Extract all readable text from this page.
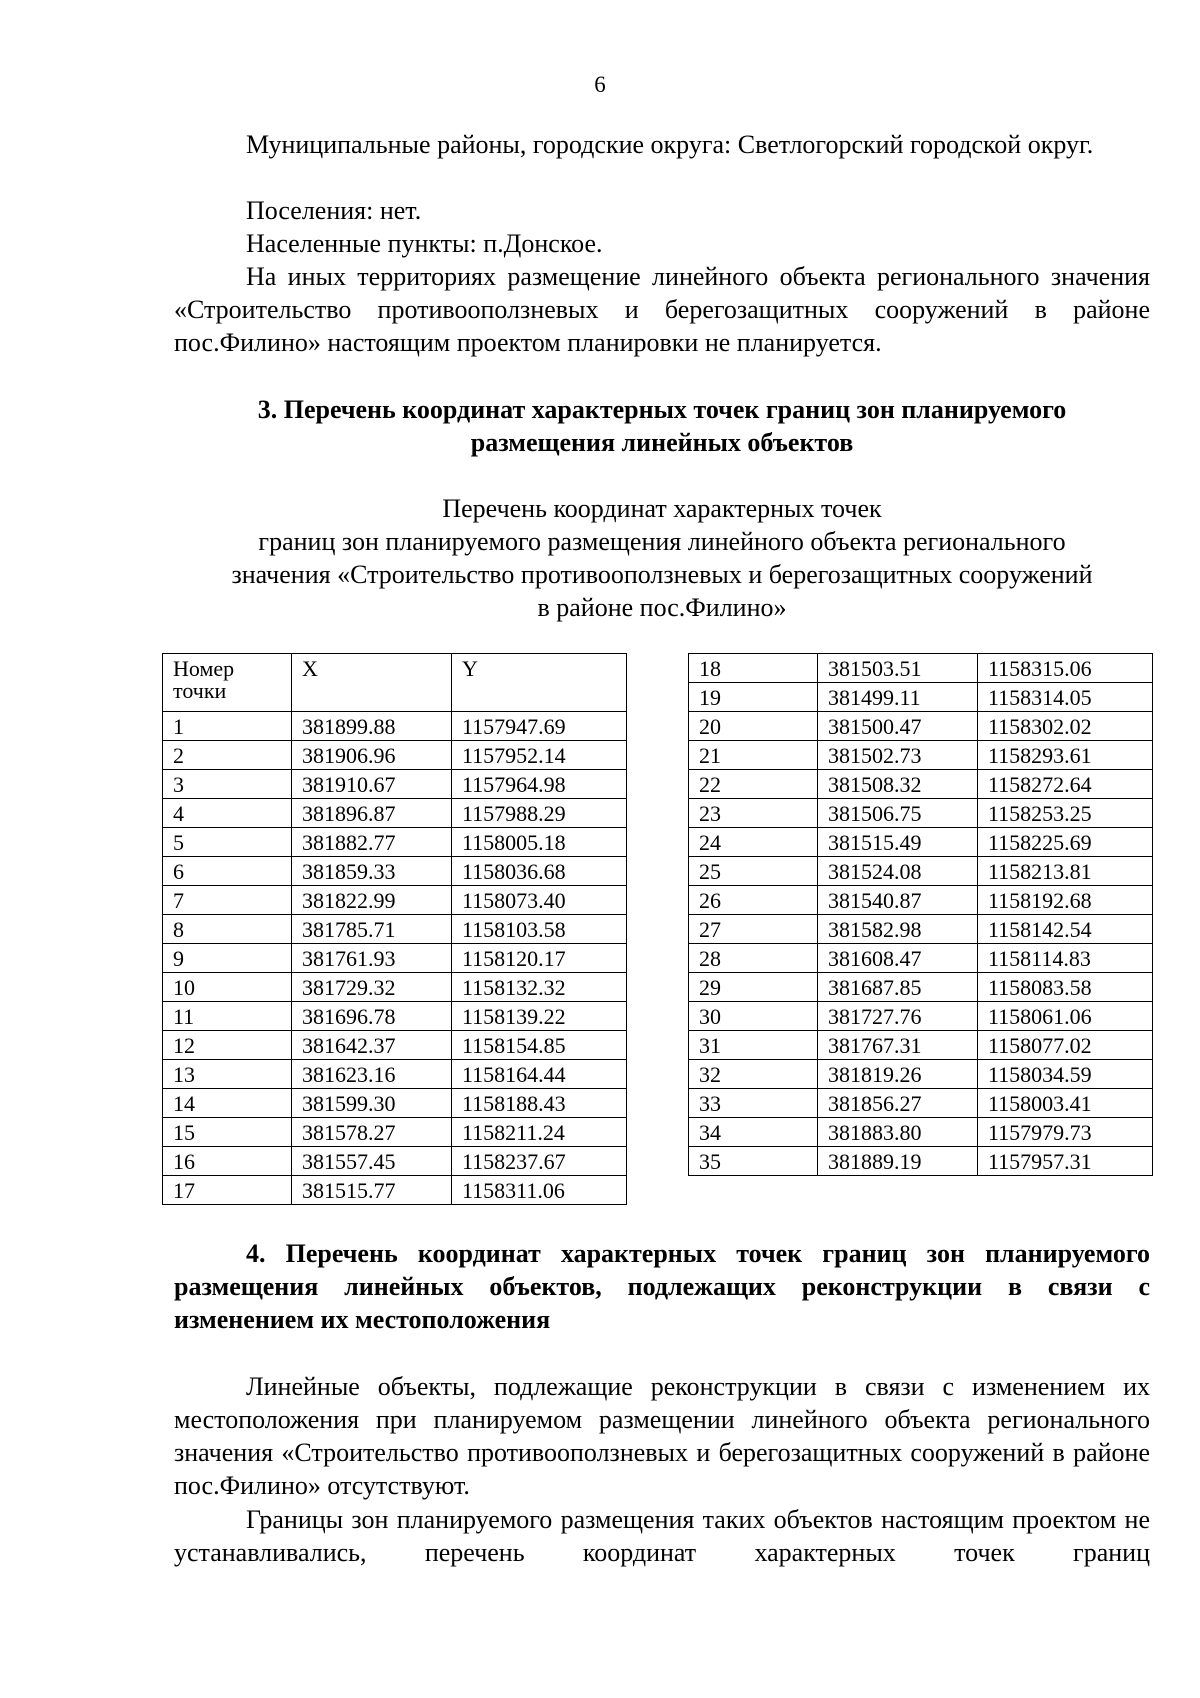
6

Муниципальные районы, городские округа: Светлогорский городской округ.

Поселения: нет.

Населенные пункты: п.Донское.

На иных территориях размещение линейного объекта регионального значения «Строительство противооползневых и берегозащитных сооружений в районе пос.Филино» настоящим проектом планировки не планируется.

3. Перечень координат характерных точек границ зон планируемого
размещения линейных объектов
Перечень координат характерных точек
границ зон планируемого размещения линейного объекта регионального
значения «Строительство противооползневых и берегозащитных сооружений
в районе пос.Филино»
Номер точки	X	Y
1	381899.88	1157947.69
2	381906.96	1157952.14
3	381910.67	1157964.98
4	381896.87	1157988.29
5	381882.77	1158005.18
6	381859.33	1158036.68
7	381822.99	1158073.40
8	381785.71	1158103.58
9	381761.93	1158120.17
10	381729.32	1158132.32
11	381696.78	1158139.22
12	381642.37	1158154.85
13	381623.16	1158164.44
14	381599.30	1158188.43
15	381578.27	1158211.24
16	381557.45	1158237.67
17	381515.77	1158311.06
18	381503.51	1158315.06
19	381499.11	1158314.05
20	381500.47	1158302.02
21	381502.73	1158293.61
22	381508.32	1158272.64
23	381506.75	1158253.25
24	381515.49	1158225.69
25	381524.08	1158213.81
26	381540.87	1158192.68
27	381582.98	1158142.54
28	381608.47	1158114.83
29	381687.85	1158083.58
30	381727.76	1158061.06
31	381767.31	1158077.02
32	381819.26	1158034.59
33	381856.27	1158003.41
34	381883.80	1157979.73
35	381889.19	1157957.31
4. Перечень координат характерных точек границ зон планируемого размещения линейных объектов, подлежащих реконструкции в связи с изменением их местоположения

Линейные объекты, подлежащие реконструкции в связи с изменением их местоположения при планируемом размещении линейного объекта регионального значения «Строительство противооползневых и берегозащитных сооружений в районе пос.Филино» отсутствуют.

Границы зон планируемого размещения таких объектов настоящим проектом не устанавливались, перечень координат характерных точек границ
